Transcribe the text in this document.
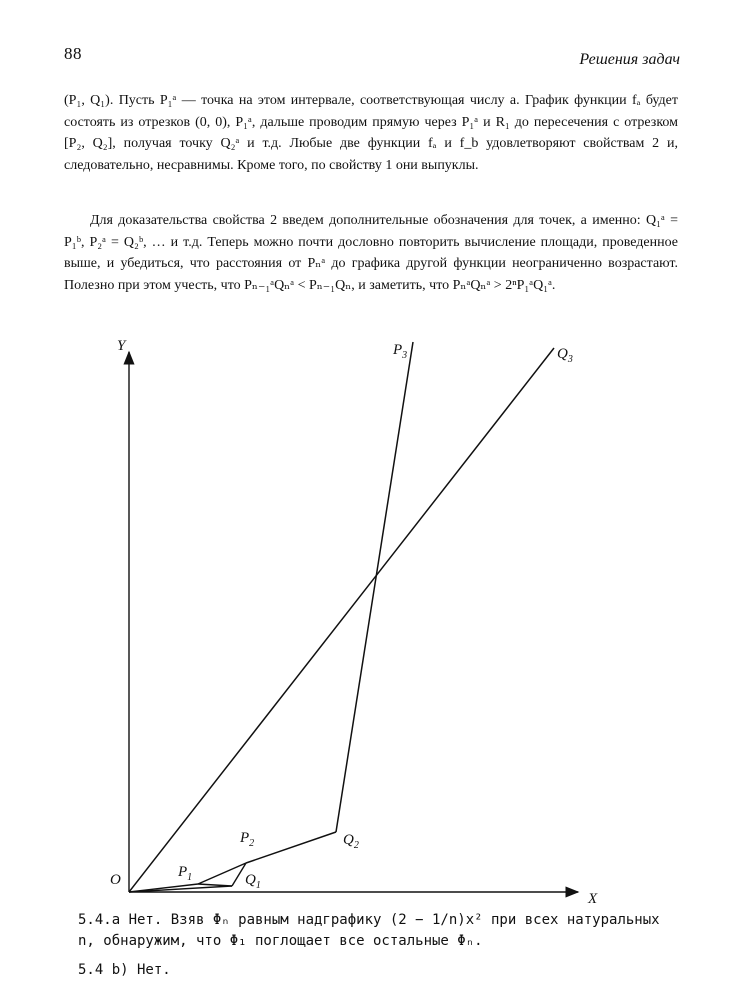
88	Решения задач
(P₁, Q₁). Пусть P₁ᵃ — точка на этом интервале, соответствующая числу a. График функции fₐ будет состоять из отрезков (0, 0), P₁ᵃ, дальше проводим прямую через P₁ᵃ и R₁ до пересечения с отрезком [P₂, Q₂], получая точку Q₂ᵃ и т.д. Любые две функции fₐ и f_b удовлетворяют свойствам 2 и, следовательно, несравнимы. Кроме того, по свойству 1 они выпуклы.
Для доказательства свойства 2 введем дополнительные обозначения для точек, а именно: Q₁ᵃ = P₁ᵇ, P₂ᵃ = Q₂ᵇ, … и т.д. Теперь можно почти дословно повторить вычисление площади, проведенное выше, и убедиться, что расстояния от Pₙᵃ до графика другой функции неограниченно возрастают. Полезно при этом учесть, что Pₙ₋₁ᵃQₙᵃ < Pₙ₋₁Qₙ, и заметить, что PₙᵃQₙᵃ > 2ⁿP₁ᵃQ₁ᵃ.
Y
X
O	$P_1$	$Q_1$
$P_2$	$Q_2$
$P_3$	$Q_3$
5.4.a Нет. Взяв Φₙ равным надграфику (2 − 1/n)x² при всех натуральных n, обнаружим, что Φ₁ поглощает все остальные Φₙ.
5.4 b) Нет.
